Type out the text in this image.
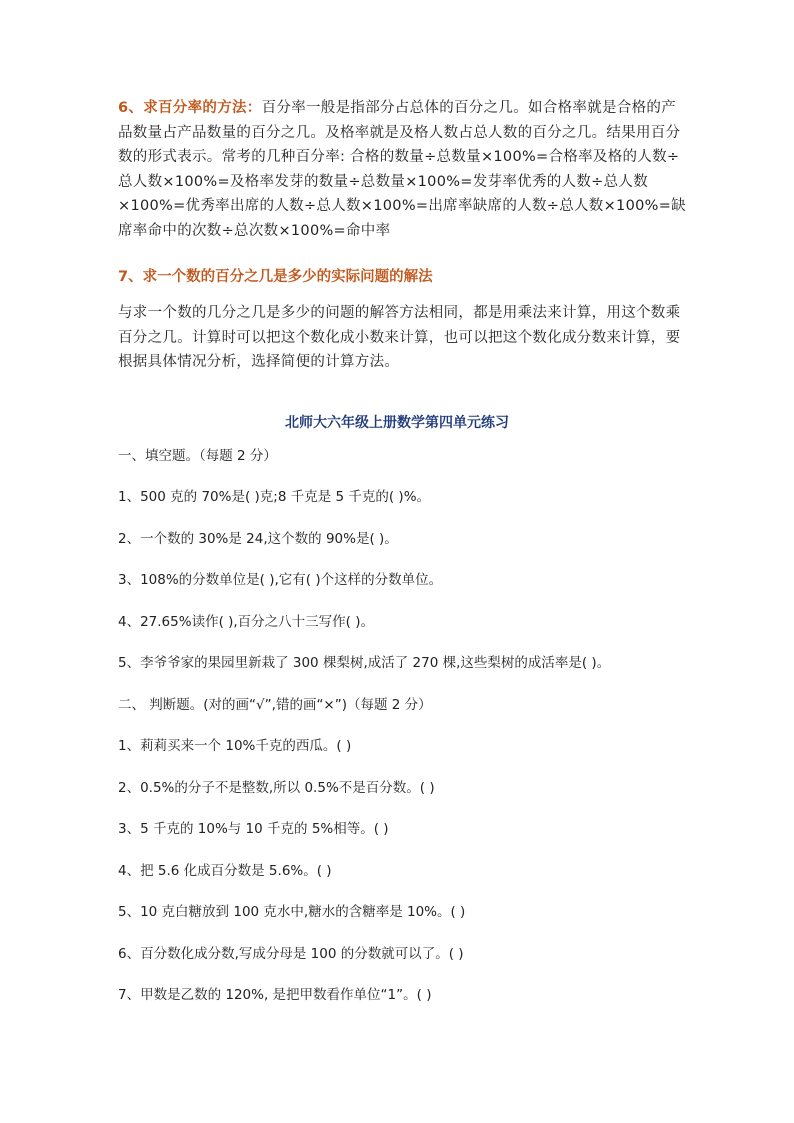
6、求百分率的方法：百分率一般是指部分占总体的百分之几。如合格率就是合格的产品数量占产品数量的百分之几。及格率就是及格人数占总人数的百分之几。结果用百分数的形式表示。常考的几种百分率: 合格的数量÷总数量×100%=合格率及格的人数÷总人数×100%=及格率发芽的数量÷总数量×100%=发芽率优秀的人数÷总人数×100%=优秀率出席的人数÷总人数×100%=出席率缺席的人数÷总人数×100%=缺席率命中的次数÷总次数×100%=命中率

7、求一个数的百分之几是多少的实际问题的解法

与求一个数的几分之几是多少的问题的解答方法相同，都是用乘法来计算，用这个数乘百分之几。计算时可以把这个数化成小数来计算，也可以把这个数化成分数来计算，要根据具体情况分析，选择简便的计算方法。

北师大六年级上册数学第四单元练习

一、填空题。（每题 2 分）

1、500 克的 70%是( )克;8 千克是 5 千克的( )%。

2、一个数的 30%是 24,这个数的 90%是( )。

3、108%的分数单位是( ),它有( )个这样的分数单位。

4、27.65%读作( ),百分之八十三写作( )。

5、李爷爷家的果园里新栽了 300 棵梨树,成活了 270 棵,这些梨树的成活率是( )。

二、 判断题。(对的画“√”,错的画“×”)（每题 2 分）

1、莉莉买来一个 10%千克的西瓜。( )

2、0.5%的分子不是整数,所以 0.5%不是百分数。( )

3、5 千克的 10%与 10 千克的 5%相等。( )

4、把 5.6 化成百分数是 5.6%。( )

5、10 克白糖放到 100 克水中,糖水的含糖率是 10%。( )

6、百分数化成分数,写成分母是 100 的分数就可以了。( )

7、甲数是乙数的 120%, 是把甲数看作单位“1”。( )
